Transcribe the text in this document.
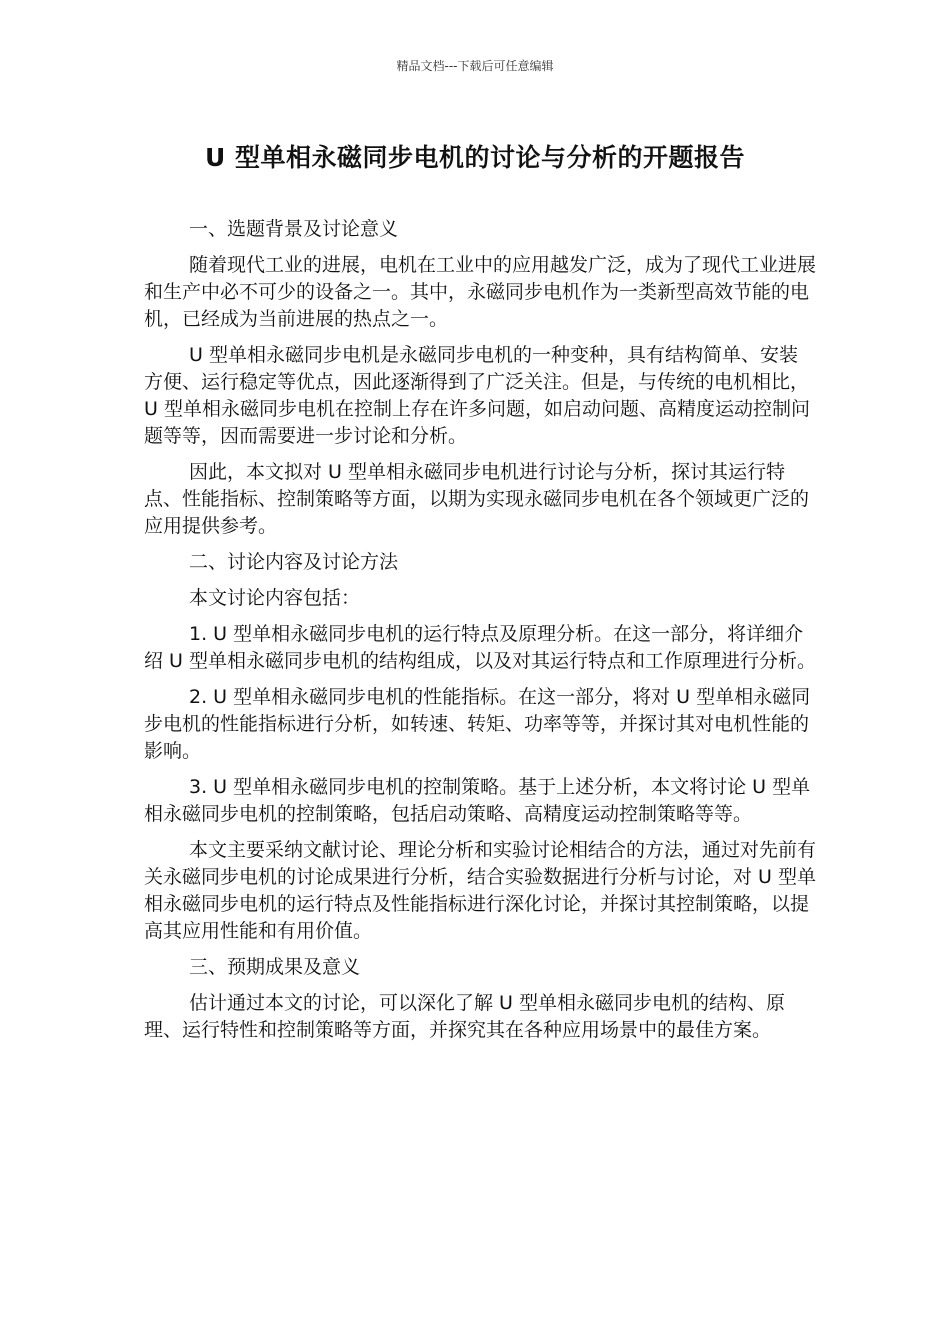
精品文档---下载后可任意编辑
U 型单相永磁同步电机的讨论与分析的开题报告

一、选题背景及讨论意义

随着现代工业的进展，电机在工业中的应用越发广泛，成为了现代工业进展和生产中必不可少的设备之一。其中，永磁同步电机作为一类新型高效节能的电机，已经成为当前进展的热点之一。

U 型单相永磁同步电机是永磁同步电机的一种变种，具有结构简单、安装方便、运行稳定等优点，因此逐渐得到了广泛关注。但是，与传统的电机相比，U 型单相永磁同步电机在控制上存在许多问题，如启动问题、高精度运动控制问题等等，因而需要进一步讨论和分析。

因此，本文拟对 U 型单相永磁同步电机进行讨论与分析，探讨其运行特点、性能指标、控制策略等方面，以期为实现永磁同步电机在各个领域更广泛的应用提供参考。

二、讨论内容及讨论方法

本文讨论内容包括：

1. U 型单相永磁同步电机的运行特点及原理分析。在这一部分，将详细介绍 U 型单相永磁同步电机的结构组成，以及对其运行特点和工作原理进行分析。

2. U 型单相永磁同步电机的性能指标。在这一部分，将对 U 型单相永磁同步电机的性能指标进行分析，如转速、转矩、功率等等，并探讨其对电机性能的影响。

3. U 型单相永磁同步电机的控制策略。基于上述分析，本文将讨论 U 型单相永磁同步电机的控制策略，包括启动策略、高精度运动控制策略等等。

本文主要采纳文献讨论、理论分析和实验讨论相结合的方法，通过对先前有关永磁同步电机的讨论成果进行分析，结合实验数据进行分析与讨论，对 U 型单相永磁同步电机的运行特点及性能指标进行深化讨论，并探讨其控制策略，以提高其应用性能和有用价值。

三、预期成果及意义

估计通过本文的讨论，可以深化了解 U 型单相永磁同步电机的结构、原理、运行特性和控制策略等方面，并探究其在各种应用场景中的最佳方案。
